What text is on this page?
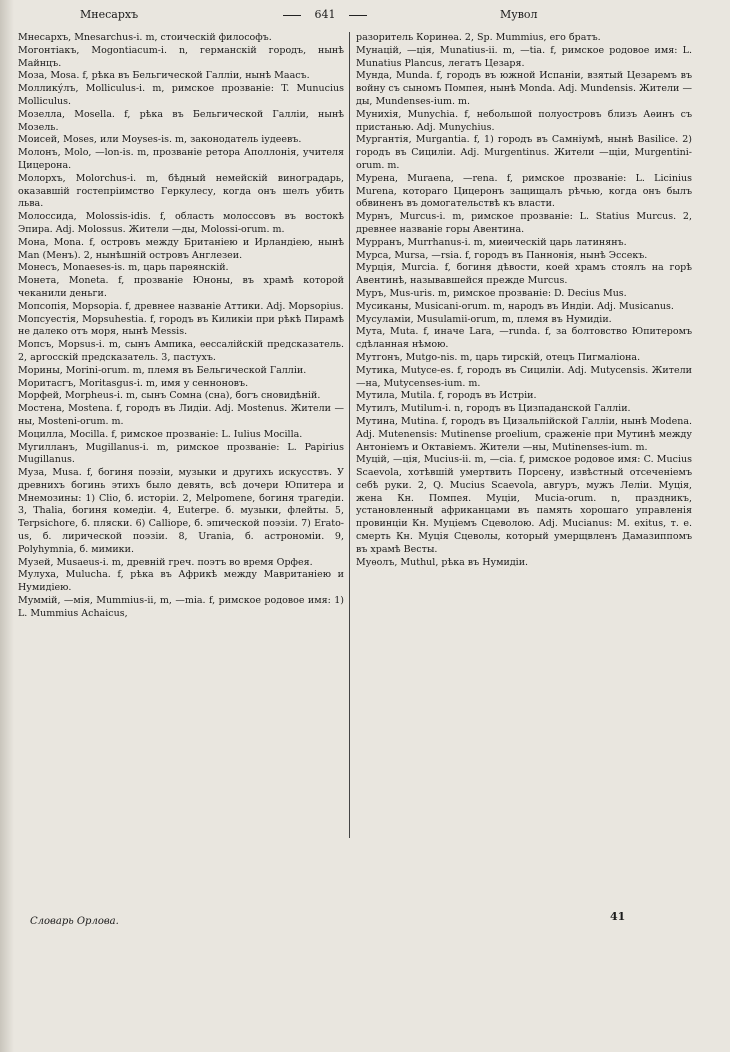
Мнесархъ	641	Мувол

Мнесархъ, Mnesarchus-i. m, стоическій философъ.

Могонтіакъ, Mogontiacum-i. n, германскій городъ, нынѣ Майнцъ.

Моза, Mosa. f, рѣка въ Бельгической Галліи, нынѣ Маасъ.

Моллику́лъ, Molliculus-i. m, римское прозваніе: T. Munucius Molliculus.

Мозелла, Mosella. f, рѣка въ Бельгической Галліи, нынѣ Мозель.

Моисей, Moses, или Moyses-is. m, законодатель іудеевъ.

Молонъ, Molo, —lon-is. m, прозваніе ретора Аполлонія, учителя Цицерона.

Молорхъ, Molorchus-i. m, бѣдный немейскій виноградарь, оказавшій гостепріимство Геркулесу, когда онъ шелъ убить льва.

Молоссида, Molossis-idis. f, область молоссовъ въ востокѣ Эпира. Adj. Molossus. Жители —ды, Molossi-orum. m.

Мона, Mona. f, островъ между Британіею и Ирландіею, нынѣ Man (Менъ). 2, нынѣшній островъ Англезеи.

Монесъ, Monaeses-is. m, царь парѳянскій.

Монета, Moneta. f, прозваніе Юноны, въ храмѣ которой чеканили деньги.

Мопсопія, Mopsopia. f, древнее названіе Аттики. Adj. Mopsopius.

Мопсуестія, Mopsuhestia. f, городъ въ Киликіи при рѣкѣ Пирамѣ не далеко отъ моря, нынѣ Messis.

Мопсъ, Mopsus-i. m, сынъ Ампика, ѳессалійскій предсказатель. 2, аргосскій предсказатель. 3, пастухъ.

Морины, Morini-orum. m, племя въ Бельгической Галліи.

Моритасгъ, Moritasgus-i. m, имя у сенноновъ.

Морфей, Morpheus-i. m, сынъ Сомна (сна), богъ сновидѣній.

Мостена, Mostena. f, городъ въ Лидіи. Adj. Mostenus. Жители —ны, Mosteni-orum. m.

Моцилла, Mocilla. f, римское прозваніе: L. Iulius Mocilla.

Мугилланъ, Mugillanus-i. m, римское прозваніе: L. Papirius Mugillanus.

Муза, Musa. f, богиня поэзіи, музыки и другихъ искусствъ. У древнихъ богинь этихъ было девять, всѣ дочери Юпитера и Мнемозины: 1) Clio, б. исторіи. 2, Melpomene, богиня трагедіи. 3, Thalia, богиня комедіи. 4, Euterpe. б. музыки, флейты. 5, Terpsichore, б. пляски. 6) Calliope, б. эпической поэзіи. 7) Erato-us, б. лирической поэзіи. 8, Urania, б. астрономіи. 9, Polyhymnia, б. мимики.

Музей, Musaeus-i. m, древній греч. поэтъ во время Орфея.

Мулуха, Mulucha. f, рѣка въ Африкѣ между Мавританіею и Нумидіею.

Муммій, —мія, Mummius-ii, m, —mia. f, римское родовое имя: 1) L. Mummius Achaicus,

разоритель Коринѳа. 2, Sp. Mummius, его братъ.

Мунацій, —ція, Munatius-ii. m, —tia. f, римское родовое имя: L. Munatius Plancus, легатъ Цезаря.

Мунда, Munda. f, городъ въ южной Испаніи, взятый Цезаремъ въ войну съ сыномъ Помпея, нынѣ Monda. Adj. Mundensis. Жители —ды, Mundenses-ium. m.

Мунихія, Munychia. f, небольшой полуостровъ близъ Аѳинъ съ пристанью. Adj. Munychius.

Мургантія, Murgantia. f, 1) городъ въ Самніумѣ, нынѣ Basilice. 2) городъ въ Сициліи. Adj. Murgentinus. Жители —щіи, Murgentini-orum. m.

Мурена, Muraena, —rena. f, римское прозваніе: L. Licinius Murena, котораго Цицеронъ защищалъ рѣчью, когда онъ былъ обвиненъ въ домогательствѣ къ власти.

Мурнъ, Murcus-i. m, римское прозваніе: L. Statius Murcus. 2, древнее названіе горы Авентина.

Мурранъ, Murrhanus-i. m, миѳическій царь латинянъ.

Мурса, Mursa, —rsia. f, городъ въ Паннонія, нынѣ Эссекъ.

Мурція, Murcia. f, богиня дѣвости, коей храмъ стоялъ на горѣ Авентинѣ, называвшейся прежде Murcus.

Муръ, Mus-uris. m, римское прозваніе: D. Decius Mus.

Мусиканы, Musicani-orum. m, народъ въ Индіи. Adj. Musicanus.

Мусуламіи, Musulamii-orum, m, племя въ Нумидіи.

Мута, Muta. f, иначе Lara, —runda. f, за болтовство Юпитеромъ сдѣланная нѣмою.

Мутгонъ, Mutgo-nis. m, царь тирскій, отецъ Пигмаліона.

Мутика, Mutyce-es. f, городъ въ Сициліи. Adj. Mutycensis. Жители —на, Mutycenses-ium. m.

Мутила, Mutila. f, городъ въ Истріи.

Мутилъ, Mutilum-i. n, городъ въ Цизпаданской Галліи.

Мутина, Mutina. f, городъ въ Цизальпійской Галліи, нынѣ Modena. Adj. Mutenensis: Mutinense proelium, сраженіе при Мутинѣ между Антоніемъ и Октавіемъ. Жители —ны, Mutinenses-ium. m.

Муцій, —ція, Mucius-ii. m, —cia. f, римское родовое имя: C. Mucius Scaevola, хотѣвшій умертвить Порсену, извѣстный отсеченіемъ себѣ руки. 2, Q. Mucius Scaevola, авгуръ, мужъ Леліи. Муція, жена Кн. Помпея. Муціи, Mucia-orum. n, праздникъ, установленный африканцами въ память хорошаго управленія провинціи Кн. Муціемъ Сцеволою. Adj. Mucianus: M. exitus, т. е. смерть Кн. Муція Сцеволы, который умерщвленъ Дамазиппомъ въ храмѣ Весты.

Муѳолъ, Muthul, рѣка въ Нумидіи.

Словарь Орлова.	41
